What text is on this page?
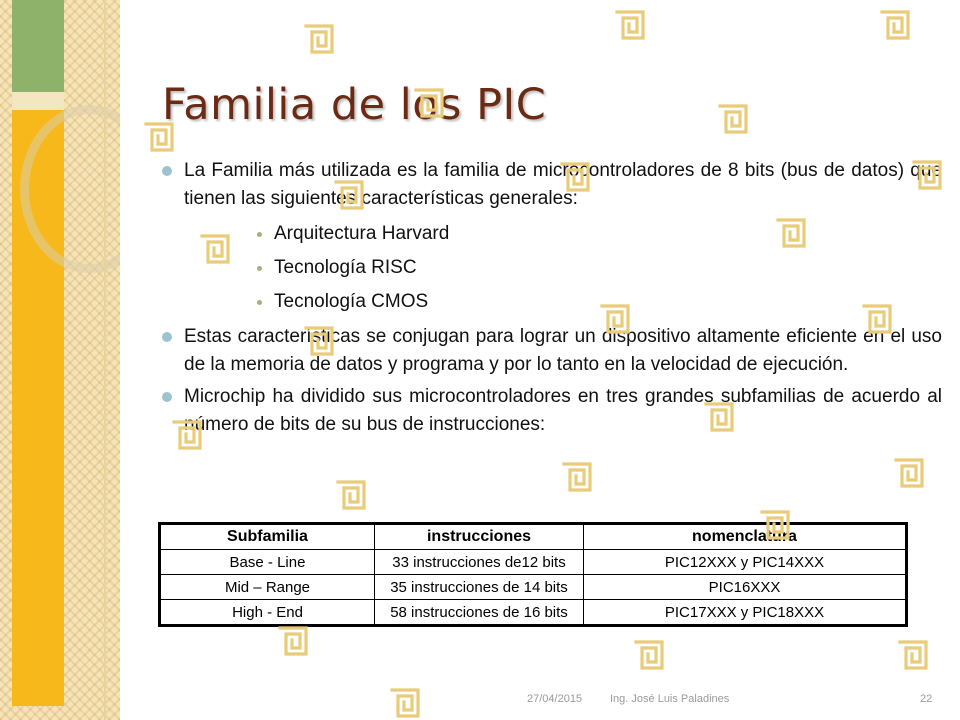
Familia de los PIC
La Familia más utilizada es la familia de microcontroladores de 8 bits (bus de datos) que tienen las siguientes características generales:
Arquitectura Harvard
Tecnología RISC
Tecnología CMOS
Estas características se conjugan para lograr un dispositivo altamente eficiente en el uso de la memoria de datos y programa y por lo tanto en la velocidad de ejecución.
Microchip ha dividido sus microcontroladores en tres grandes subfamilias de acuerdo al número de bits de su bus de instrucciones:
Subfamilia	instrucciones	nomenclatura
Base - Line	33 instrucciones de12 bits	PIC12XXX y PIC14XXX
Mid – Range	35 instrucciones de 14 bits	PIC16XXX
High - End	58 instrucciones de 16 bits	PIC17XXX y PIC18XXX
27/04/2015	Ing. José Luis Paladines	22
